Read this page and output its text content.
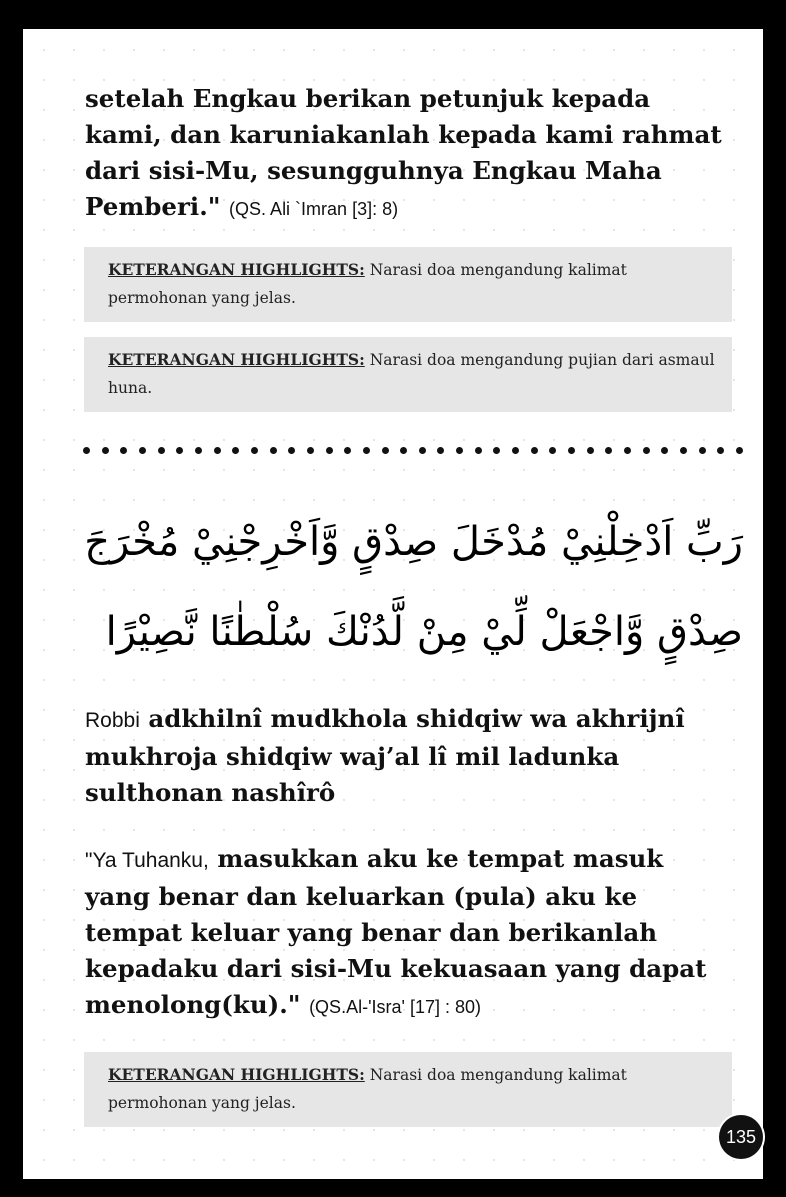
setelah Engkau berikan petunjuk kepada kami, dan karuniakanlah kepada kami rahmat dari sisi-Mu, sesungguhnya Engkau Maha Pemberi." (QS. Ali `Imran [3]: 8)
KETERANGAN HIGHLIGHTS: Narasi doa mengandung kalimat permohonan yang jelas.
KETERANGAN HIGHLIGHTS: Narasi doa mengandung pujian dari asmaul huna.
رَبِّ اَدْخِلْنِيْ مُدْخَلَ صِدْقٍ وَّاَخْرِجْنِيْ مُخْرَجَ
صِدْقٍ وَّاجْعَلْ لِّيْ مِنْ لَّدُنْكَ سُلْطٰنًا نَّصِيْرًا
Robbi adkhilnî mudkhola shidqiw wa akhrijnî mukhroja shidqiw waj’al lî mil ladunka sulthonan nashîrô
"Ya Tuhanku, masukkan aku ke tempat masuk yang benar dan keluarkan (pula) aku ke tempat keluar yang benar dan berikanlah kepadaku dari sisi-Mu kekuasaan yang dapat menolong(ku)." (QS.Al-'Isra' [17] : 80)
KETERANGAN HIGHLIGHTS: Narasi doa mengandung kalimat permohonan yang jelas.
135
